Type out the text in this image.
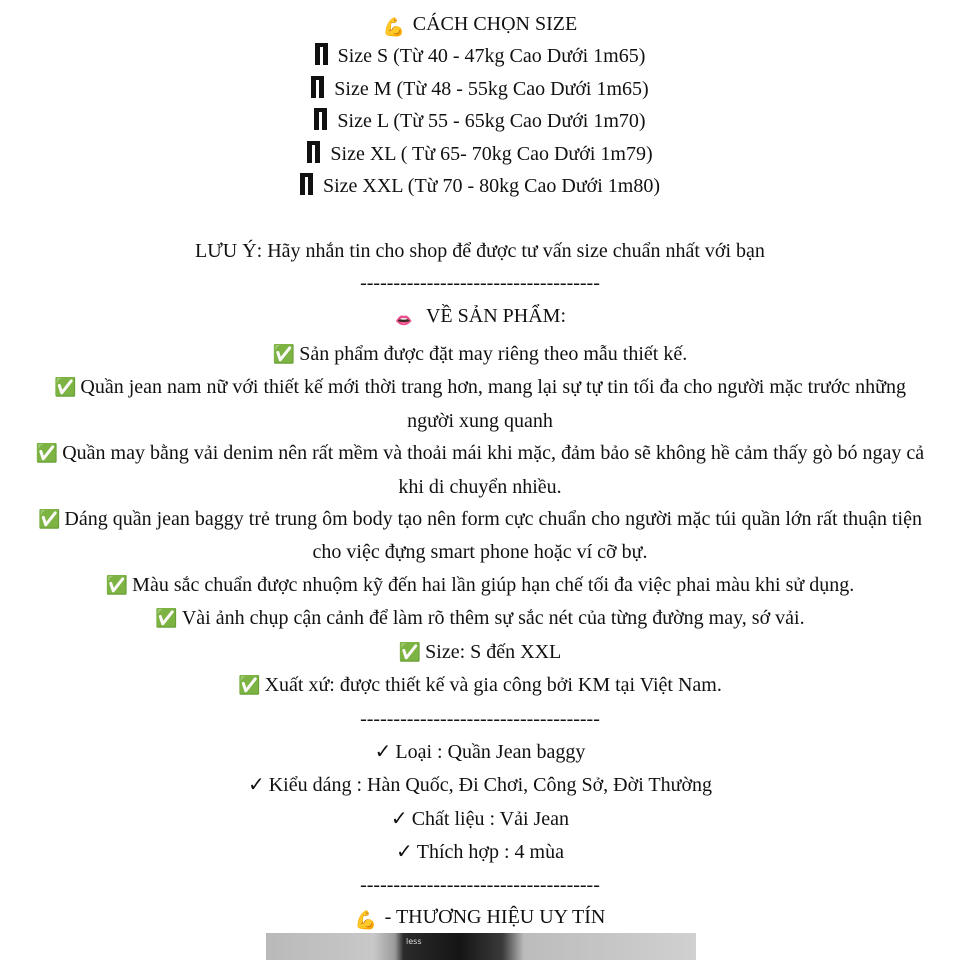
💪 CÁCH CHỌN SIZE
Size S (Từ 40 - 47kg Cao Dưới 1m65)
Size M (Từ 48 - 55kg Cao Dưới 1m65)
Size L (Từ 55 - 65kg Cao Dưới 1m70)
Size XL ( Từ 65- 70kg Cao Dưới 1m79)
Size XXL (Từ 70 - 80kg Cao Dưới 1m80)
LƯU Ý: Hãy nhắn tin cho shop để được tư vấn size chuẩn nhất với bạn
------------------------------------
👄 VỀ SẢN PHẨM:
✅ Sản phẩm được đặt may riêng theo mẫu thiết kế.
✅ Quần jean nam nữ với thiết kế mới thời trang hơn, mang lại sự tự tin tối đa cho người mặc trước những người xung quanh
✅ Quần may bằng vải denim nên rất mềm và thoải mái khi mặc, đảm bảo sẽ không hề cảm thấy gò bó ngay cả khi di chuyển nhiều.
✅ Dáng quần jean baggy trẻ trung ôm body tạo nên form cực chuẩn cho người mặc túi quần lớn rất thuận tiện cho việc đựng smart phone hoặc ví cỡ bự.
✅ Màu sắc chuẩn được nhuộm kỹ đến hai lần giúp hạn chế tối đa việc phai màu khi sử dụng.
✅ Vài ảnh chụp cận cảnh để làm rõ thêm sự sắc nét của từng đường may, sớ vải.
✅ Size: S đến XXL
✅ Xuất xứ: được thiết kế và gia công bởi KM tại Việt Nam.
------------------------------------
✓ Loại : Quần Jean baggy
✓ Kiểu dáng : Hàn Quốc, Đi Chơi, Công Sở, Đời Thường
✓ Chất liệu : Vải Jean
✓ Thích hợp : 4 mùa
------------------------------------
💪 - THƯƠNG HIỆU UY TÍN
less
